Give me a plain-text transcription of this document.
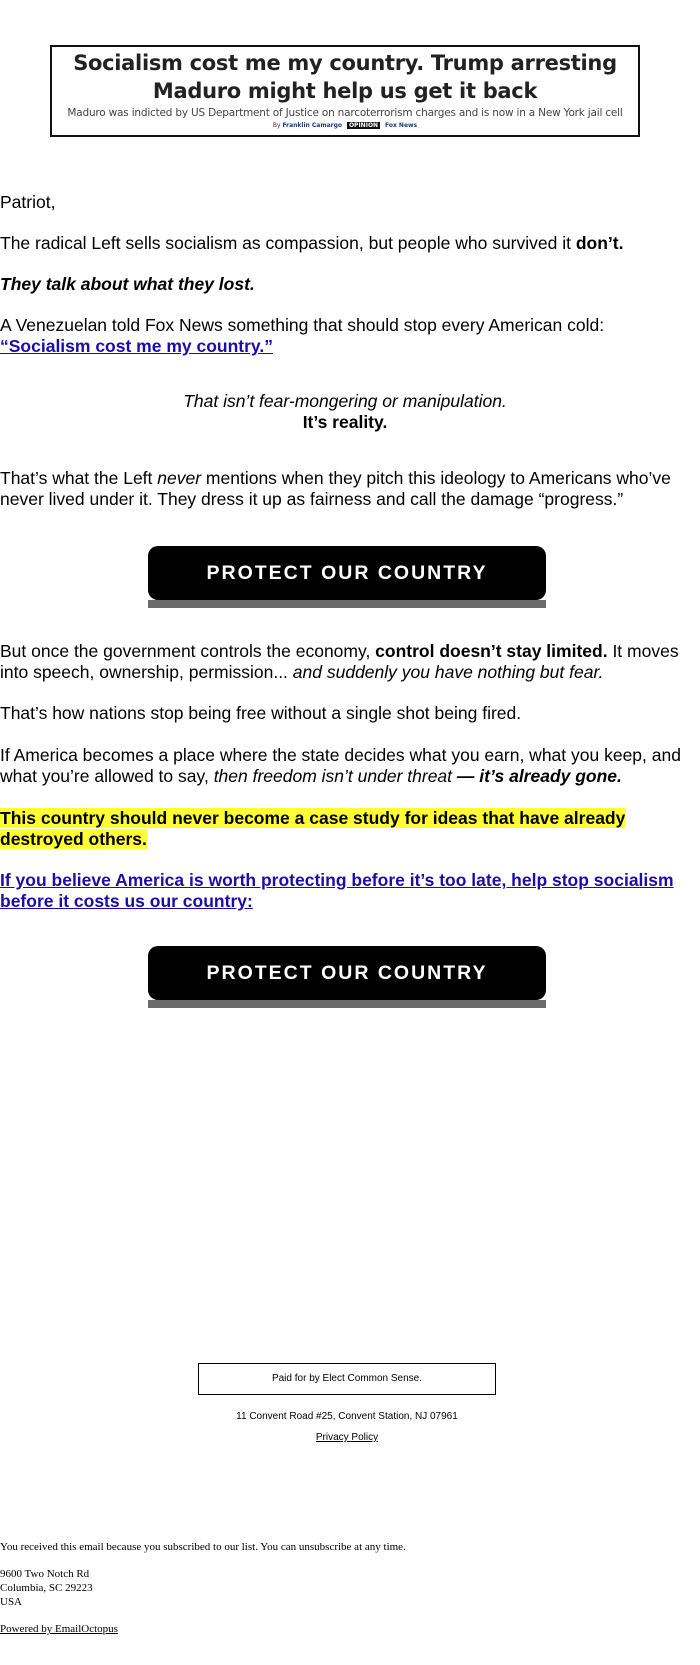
Socialism cost me my country. Trump arresting Maduro might help us get it back
Maduro was indicted by US Department of Justice on narcoterrorism charges and is now in a New York jail cell
By Franklin Camargo OPINION Fox News
Patriot,
The radical Left sells socialism as compassion, but people who survived it don’t.
They talk about what they lost.
A Venezuelan told Fox News something that should stop every American cold:
“Socialism cost me my country.”
That isn’t fear-mongering or manipulation.
It’s reality.
That’s what the Left never mentions when they pitch this ideology to Americans who’ve never lived under it. They dress it up as fairness and call the damage “progress.”
PROTECT OUR COUNTRY
But once the government controls the economy, control doesn’t stay limited. It moves into speech, ownership, permission... and suddenly you have nothing but fear.
That’s how nations stop being free without a single shot being fired.
If America becomes a place where the state decides what you earn, what you keep, and what you’re allowed to say, then freedom isn’t under threat — it’s already gone.
This country should never become a case study for ideas that have already destroyed others.
If you believe America is worth protecting before it’s too late, help stop socialism before it costs us our country:
PROTECT OUR COUNTRY
Paid for by Elect Common Sense.
11 Convent Road #25, Convent Station, NJ 07961
Privacy Policy
You received this email because you subscribed to our list. You can unsubscribe at any time.
9600 Two Notch Rd
Columbia, SC 29223
USA
Powered by EmailOctopus
